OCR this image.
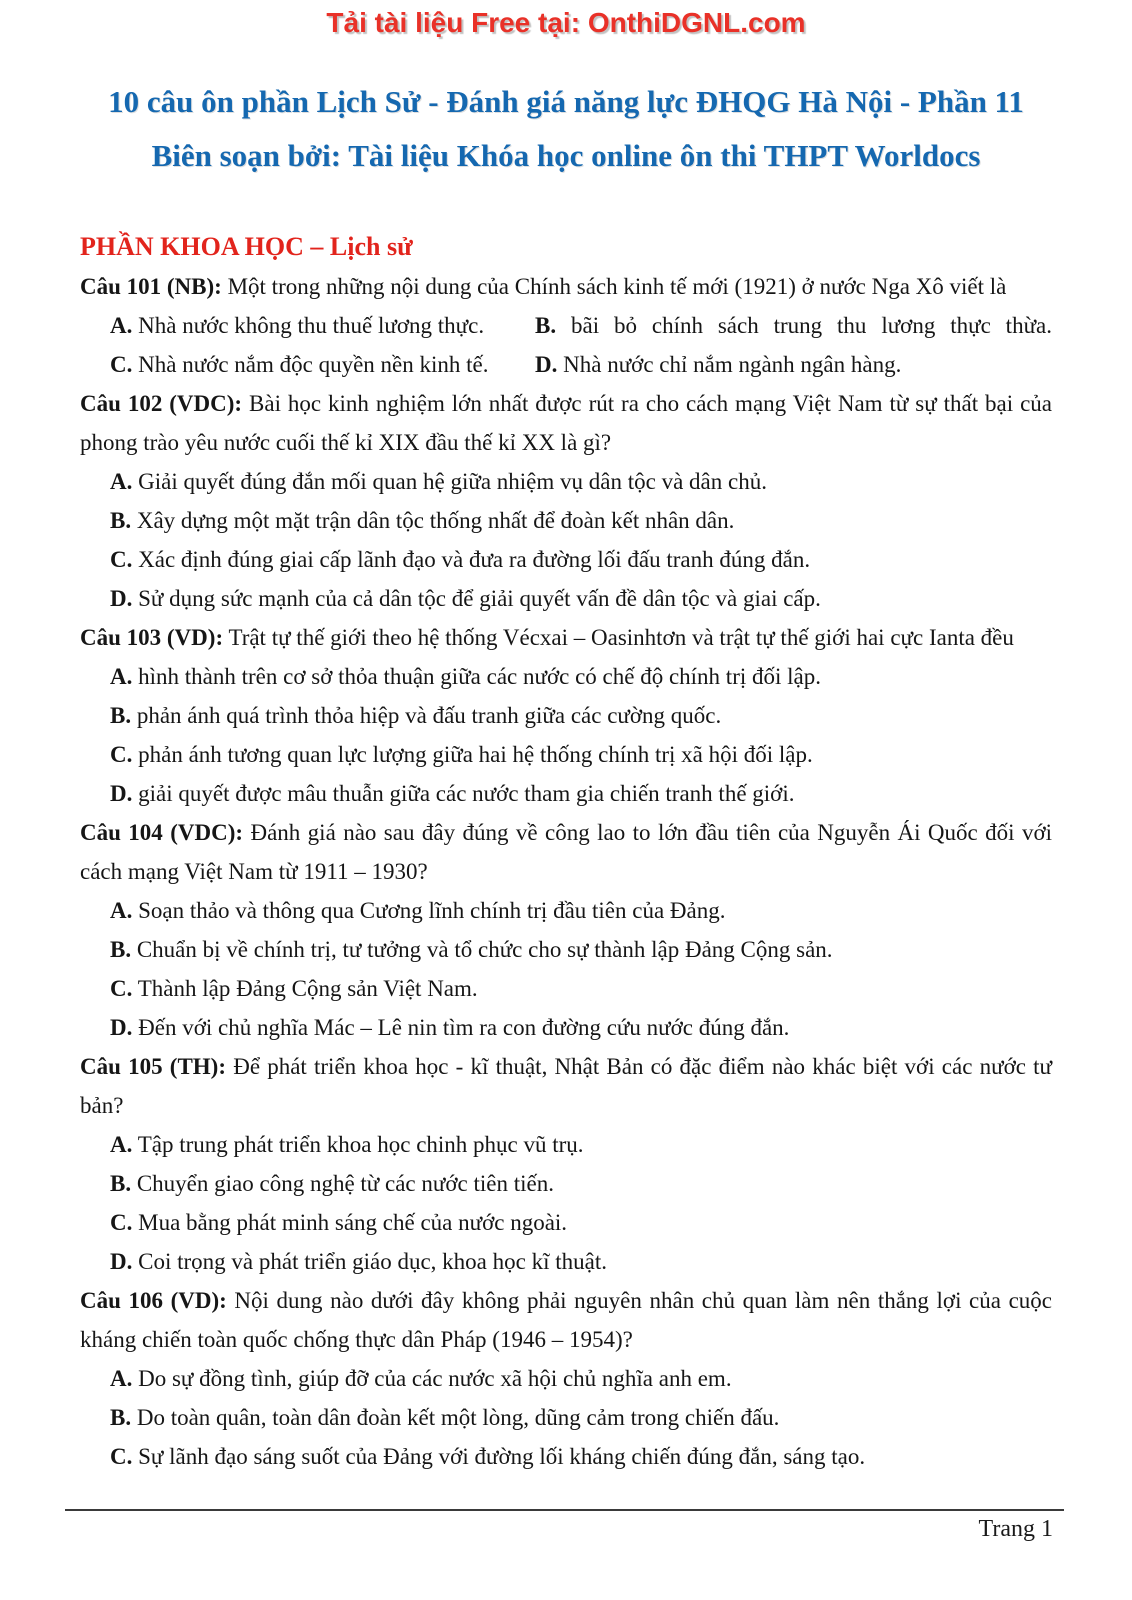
Tải tài liệu Free tại: OnthiDGNL.com
10 câu ôn phần Lịch Sử - Đánh giá năng lực ĐHQG Hà Nội - Phần 11
Biên soạn bởi: Tài liệu Khóa học online ôn thi THPT Worldocs
PHẦN KHOA HỌC – Lịch sử

Câu 101 (NB): Một trong những nội dung của Chính sách kinh tế mới (1921) ở nước Nga Xô viết là

A. Nhà nước không thu thuế lương thực.	B. bãi bỏ chính sách trung thu lương thực thừa.

C. Nhà nước nắm độc quyền nền kinh tế.	D. Nhà nước chỉ nắm ngành ngân hàng.

Câu 102 (VDC): Bài học kinh nghiệm lớn nhất được rút ra cho cách mạng Việt Nam từ sự thất bại của phong trào yêu nước cuối thế kỉ XIX đầu thế kỉ XX là gì?

A. Giải quyết đúng đắn mối quan hệ giữa nhiệm vụ dân tộc và dân chủ.

B. Xây dựng một mặt trận dân tộc thống nhất để đoàn kết nhân dân.

C. Xác định đúng giai cấp lãnh đạo và đưa ra đường lối đấu tranh đúng đắn.

D. Sử dụng sức mạnh của cả dân tộc để giải quyết vấn đề dân tộc và giai cấp.

Câu 103 (VD): Trật tự thế giới theo hệ thống Vécxai – Oasinhtơn và trật tự thế giới hai cực Ianta đều

A. hình thành trên cơ sở thỏa thuận giữa các nước có chế độ chính trị đối lập.

B. phản ánh quá trình thỏa hiệp và đấu tranh giữa các cường quốc.

C. phản ánh tương quan lực lượng giữa hai hệ thống chính trị xã hội đối lập.

D. giải quyết được mâu thuẫn giữa các nước tham gia chiến tranh thế giới.

Câu 104 (VDC): Đánh giá nào sau đây đúng về công lao to lớn đầu tiên của Nguyễn Ái Quốc đối với cách mạng Việt Nam từ 1911 – 1930?

A. Soạn thảo và thông qua Cương lĩnh chính trị đầu tiên của Đảng.

B. Chuẩn bị về chính trị, tư tưởng và tổ chức cho sự thành lập Đảng Cộng sản.

C. Thành lập Đảng Cộng sản Việt Nam.

D. Đến với chủ nghĩa Mác – Lê nin tìm ra con đường cứu nước đúng đắn.

Câu 105 (TH): Để phát triển khoa học - kĩ thuật, Nhật Bản có đặc điểm nào khác biệt với các nước tư bản?

A. Tập trung phát triển khoa học chinh phục vũ trụ.

B. Chuyển giao công nghệ từ các nước tiên tiến.

C. Mua bằng phát minh sáng chế của nước ngoài.

D. Coi trọng và phát triển giáo dục, khoa học kĩ thuật.

Câu 106 (VD): Nội dung nào dưới đây không phải nguyên nhân chủ quan làm nên thắng lợi của cuộc kháng chiến toàn quốc chống thực dân Pháp (1946 – 1954)?

A. Do sự đồng tình, giúp đỡ của các nước xã hội chủ nghĩa anh em.

B. Do toàn quân, toàn dân đoàn kết một lòng, dũng cảm trong chiến đấu.

C. Sự lãnh đạo sáng suốt của Đảng với đường lối kháng chiến đúng đắn, sáng tạo.

Trang 1
